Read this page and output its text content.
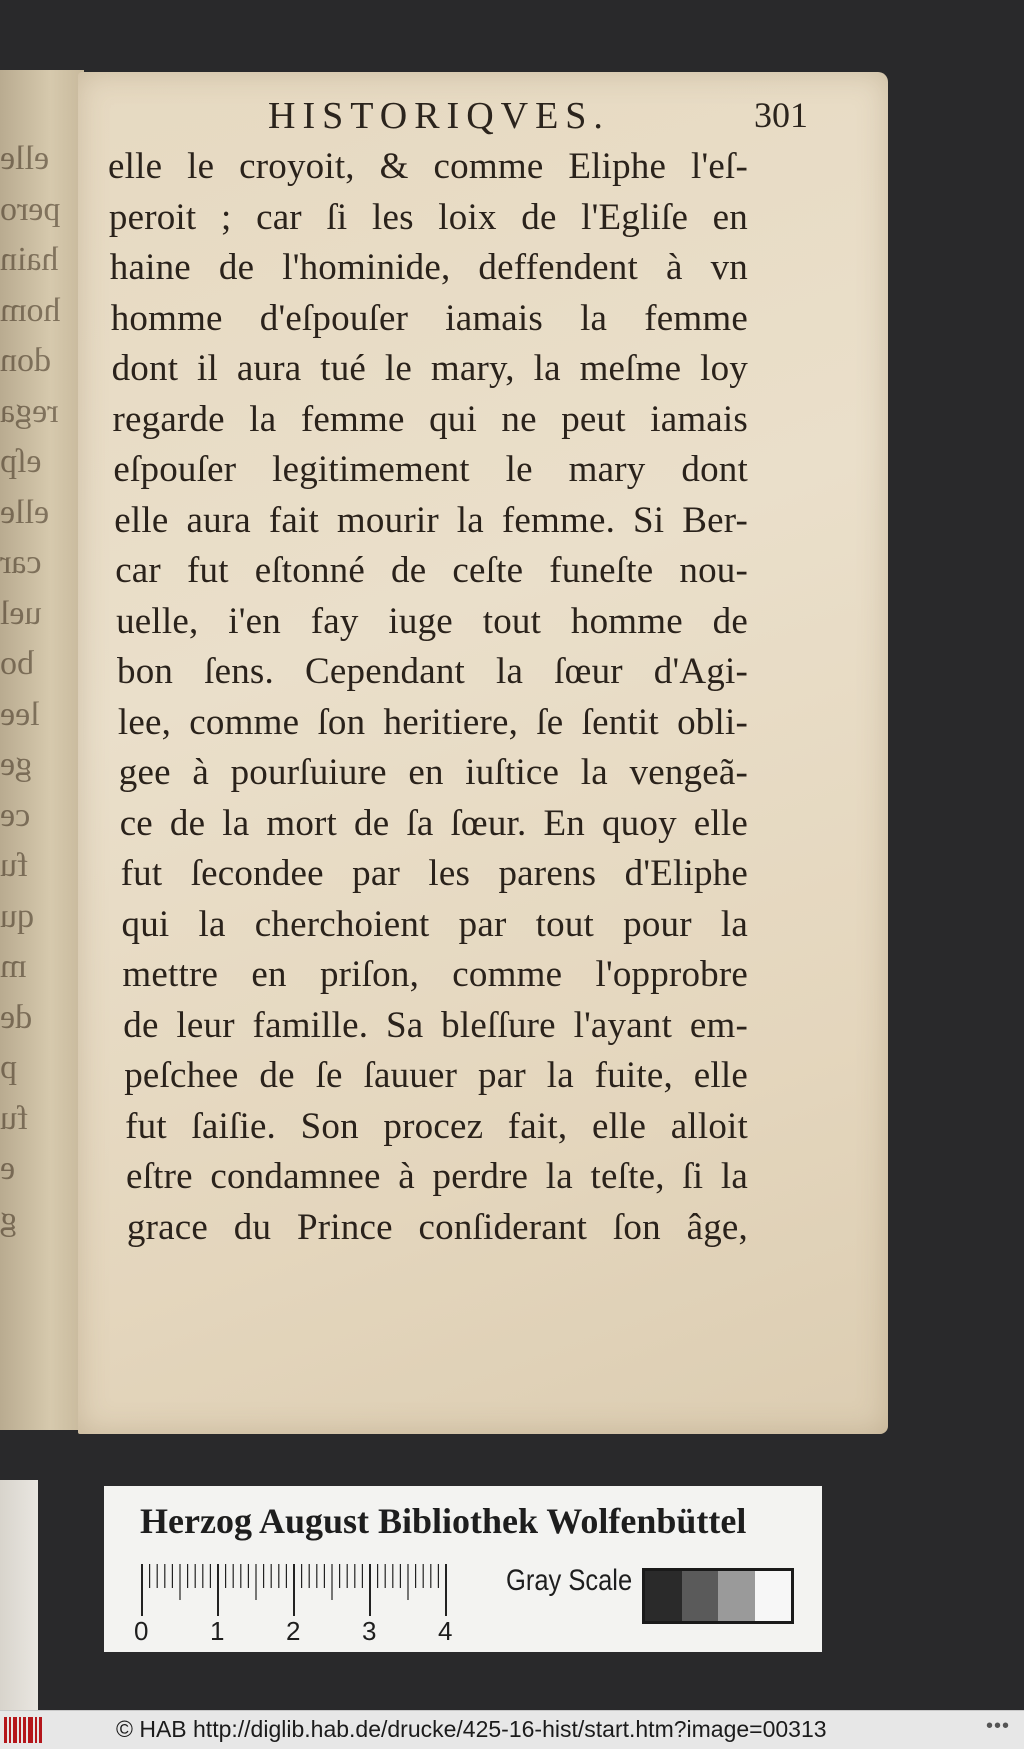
elle
pero
hain
hom
don
rega
eſp
elle
car
uel
bo
lee
ge
ce
fu
qu
m
de
p
fu
e
g
HISTORIQVES.	301
elle le croyoit, & comme Eliphe l'eſ-
peroit ; car ſi les loix de l'Egliſe en
haine de l'hominide, deffendent à vn
homme d'eſpouſer iamais la femme
dont il aura tué le mary, la meſme loy
regarde la femme qui ne peut iamais
eſpouſer legitimement le mary dont
elle aura fait mourir la femme. Si Ber-
car fut eſtonné de ceſte funeſte nou-
uelle, i'en fay iuge tout homme de
bon ſens. Cependant la ſœur d'Agi-
lee, comme ſon heritiere, ſe ſentit obli-
gee à pourſuiure en iuſtice la vengeã-
ce de la mort de ſa ſœur. En quoy elle
fut ſecondee par les parens d'Eliphe
qui la cherchoient par tout pour la
mettre en priſon, comme l'opprobre
de leur famille. Sa bleſſure l'ayant em-
peſchee de ſe ſauuer par la fuite, elle
fut ſaiſie. Son procez fait, elle alloit
eſtre condamnee à perdre la teſte, ſi la
grace du Prince conſiderant ſon âge,
Herzog August Bibliothek Wolfenbüttel
0 1 2 3 4
Gray Scale
© HAB http://diglib.hab.de/drucke/425-16-hist/start.htm?image=00313	•••
